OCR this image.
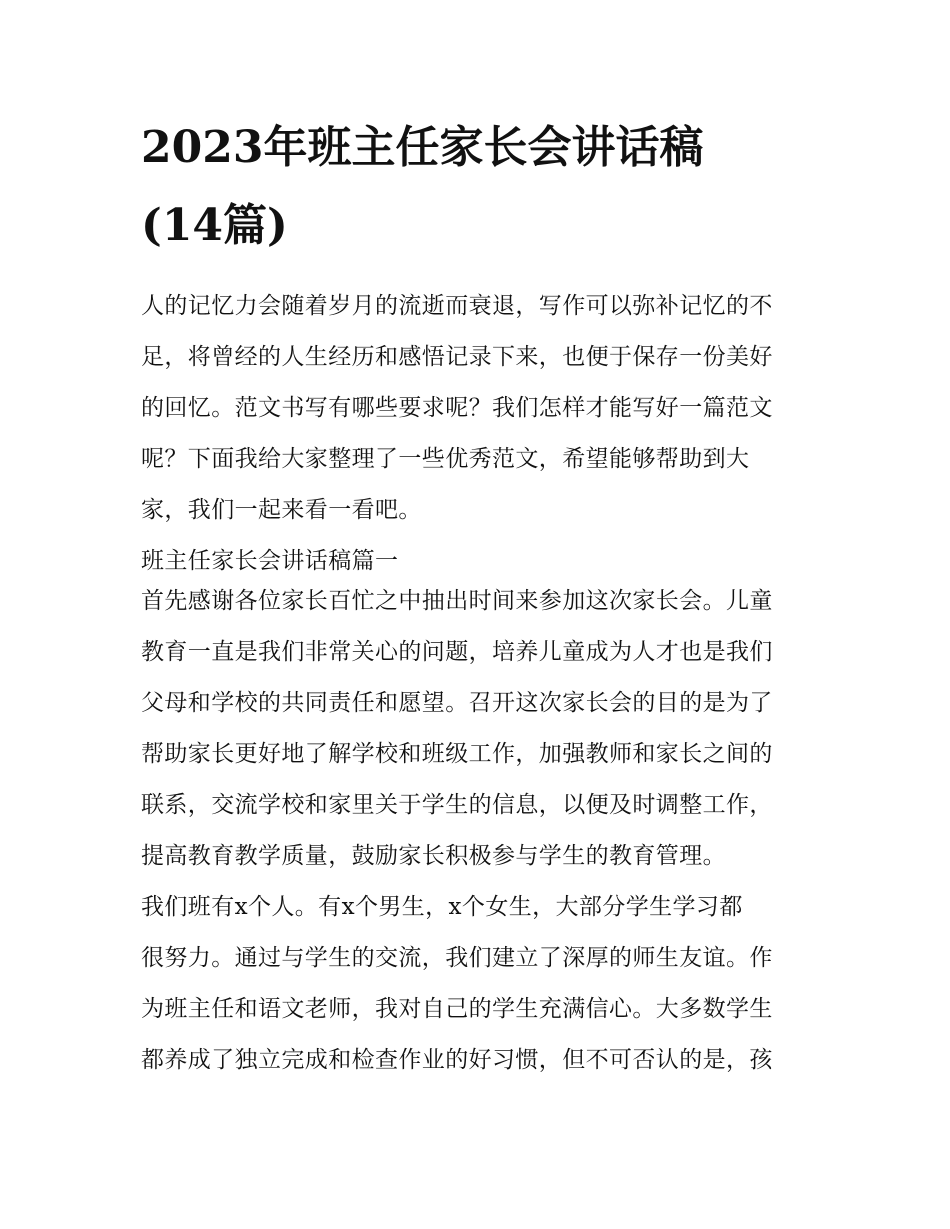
2023年班主任家长会讲话稿
(14篇)

人的记忆力会随着岁月的流逝而衰退，写作可以弥补记忆的不
足，将曾经的人生经历和感悟记录下来，也便于保存一份美好
的回忆。范文书写有哪些要求呢？我们怎样才能写好一篇范文
呢？下面我给大家整理了一些优秀范文，希望能够帮助到大
家，我们一起来看一看吧。

班主任家长会讲话稿篇一

首先感谢各位家长百忙之中抽出时间来参加这次家长会。儿童
教育一直是我们非常关心的问题，培养儿童成为人才也是我们
父母和学校的共同责任和愿望。召开这次家长会的目的是为了
帮助家长更好地了解学校和班级工作，加强教师和家长之间的
联系，交流学校和家里关于学生的信息，以便及时调整工作，
提高教育教学质量，鼓励家长积极参与学生的教育管理。

我们班有x个人。有x个男生，x个女生，大部分学生学习都
很努力。通过与学生的交流，我们建立了深厚的师生友谊。作
为班主任和语文老师，我对自己的学生充满信心。大多数学生
都养成了独立完成和检查作业的好习惯，但不可否认的是，孩
